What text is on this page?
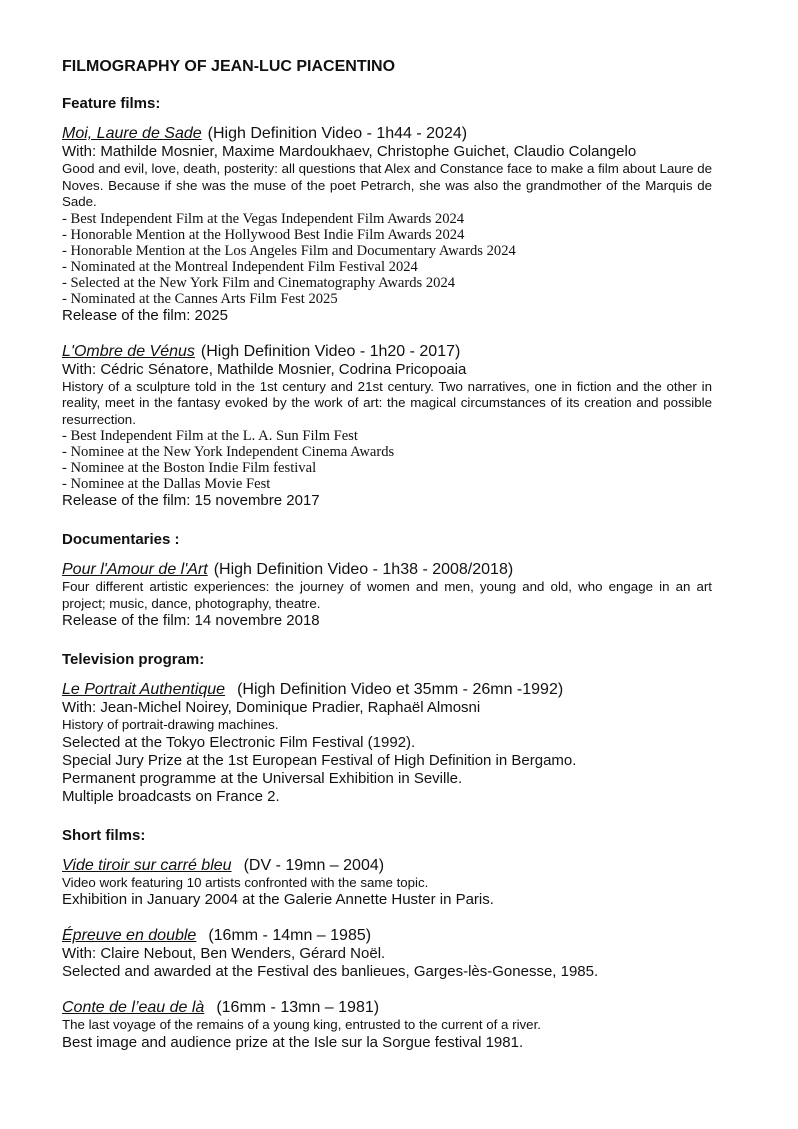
FILMOGRAPHY OF JEAN-LUC PIACENTINO
Feature films:
Moi, Laure de Sade (High Definition Video - 1h44 - 2024)
With: Mathilde Mosnier, Maxime Mardoukhaev, Christophe Guichet, Claudio Colangelo
Good and evil, love, death, posterity: all questions that Alex and Constance face to make a film about Laure de Noves. Because if she was the muse of the poet Petrarch, she was also the grandmother of the Marquis de Sade.
- Best Independent Film at the Vegas Independent Film Awards 2024
- Honorable Mention at the Hollywood Best Indie Film Awards 2024
- Honorable Mention at the Los Angeles Film and Documentary Awards 2024
- Nominated at the Montreal Independent Film Festival 2024
- Selected at the New York Film and Cinematography Awards 2024
- Nominated at the Cannes Arts Film Fest 2025
Release of the film: 2025
L'Ombre de Vénus (High Definition Video - 1h20 - 2017)
With: Cédric Sénatore, Mathilde Mosnier, Codrina Pricopoaia
History of a sculpture told in the 1st century and 21st century. Two narratives, one in fiction and the other in reality, meet in the fantasy evoked by the work of art: the magical circumstances of its creation and possible resurrection.
- Best Independent Film at the L. A. Sun Film Fest
- Nominee at the New York Independent Cinema Awards
- Nominee at the Boston Indie Film festival
- Nominee at the Dallas Movie Fest
Release of the film: 15 novembre 2017
Documentaries :
Pour l'Amour de l'Art (High Definition Video - 1h38 - 2008/2018)
Four different artistic experiences: the journey of women and men, young and old, who engage in an art project; music, dance, photography, theatre.
Release of the film: 14 novembre 2018
Television program:
Le Portrait Authentique (High Definition Video et 35mm - 26mn -1992)
With: Jean-Michel Noirey, Dominique Pradier, Raphaël Almosni
History of portrait-drawing machines.
Selected at the Tokyo Electronic Film Festival (1992).
Special Jury Prize at the 1st European Festival of High Definition in Bergamo.
Permanent programme at the Universal Exhibition in Seville.
Multiple broadcasts on France 2.
Short films:
Vide tiroir sur carré bleu (DV - 19mn – 2004)
Video work featuring 10 artists confronted with the same topic.
Exhibition in January 2004 at the Galerie Annette Huster in Paris.
Épreuve en double (16mm - 14mn – 1985)
With: Claire Nebout, Ben Wenders, Gérard Noël.
Selected and awarded at the Festival des banlieues, Garges-lès-Gonesse, 1985.
Conte de l’eau de là (16mm - 13mn – 1981)
The last voyage of the remains of a young king, entrusted to the current of a river.
Best image and audience prize at the Isle sur la Sorgue festival 1981.
